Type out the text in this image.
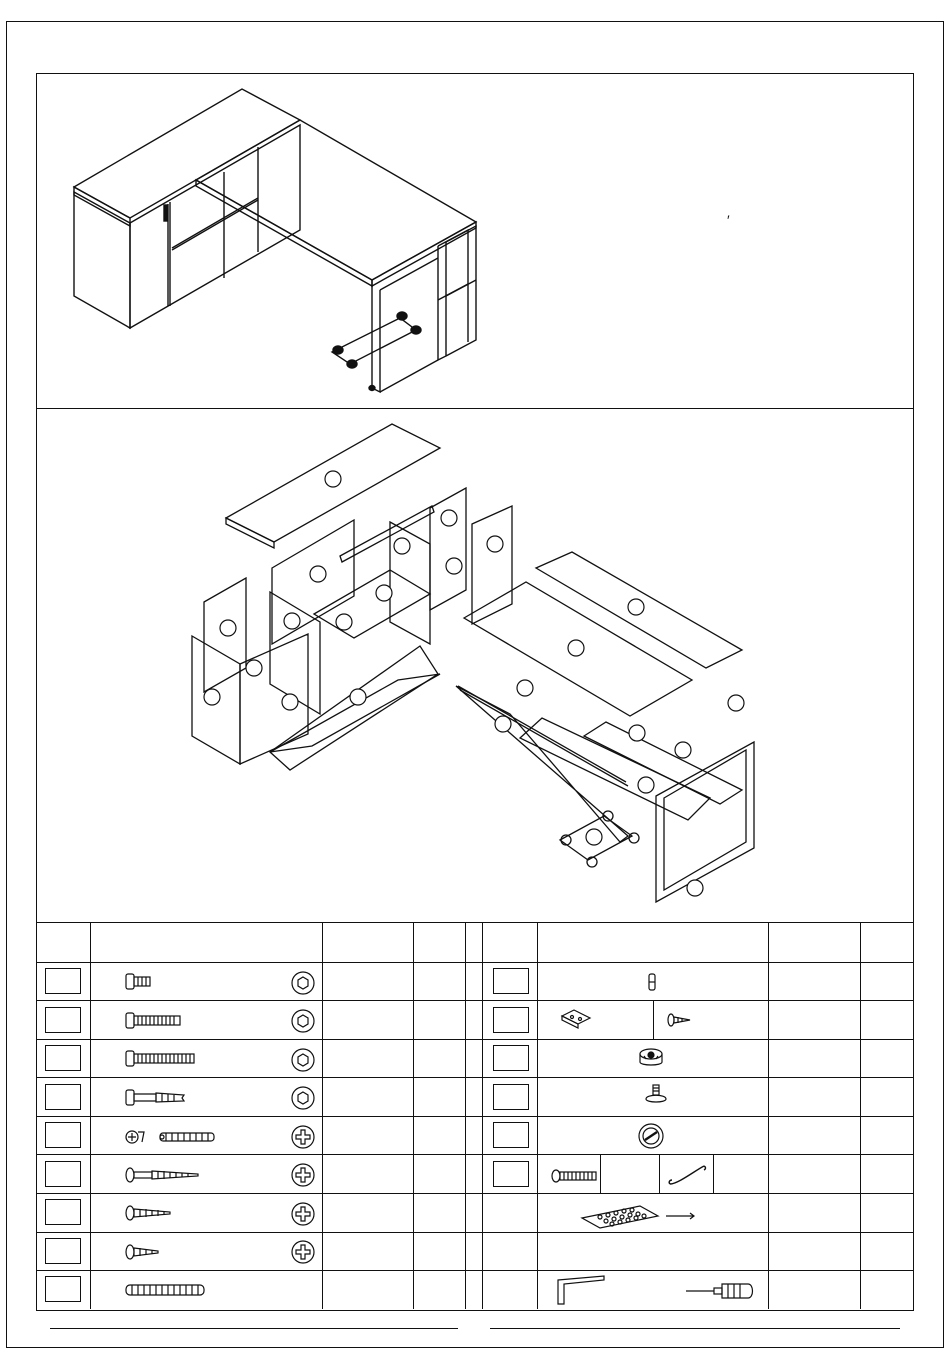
′
